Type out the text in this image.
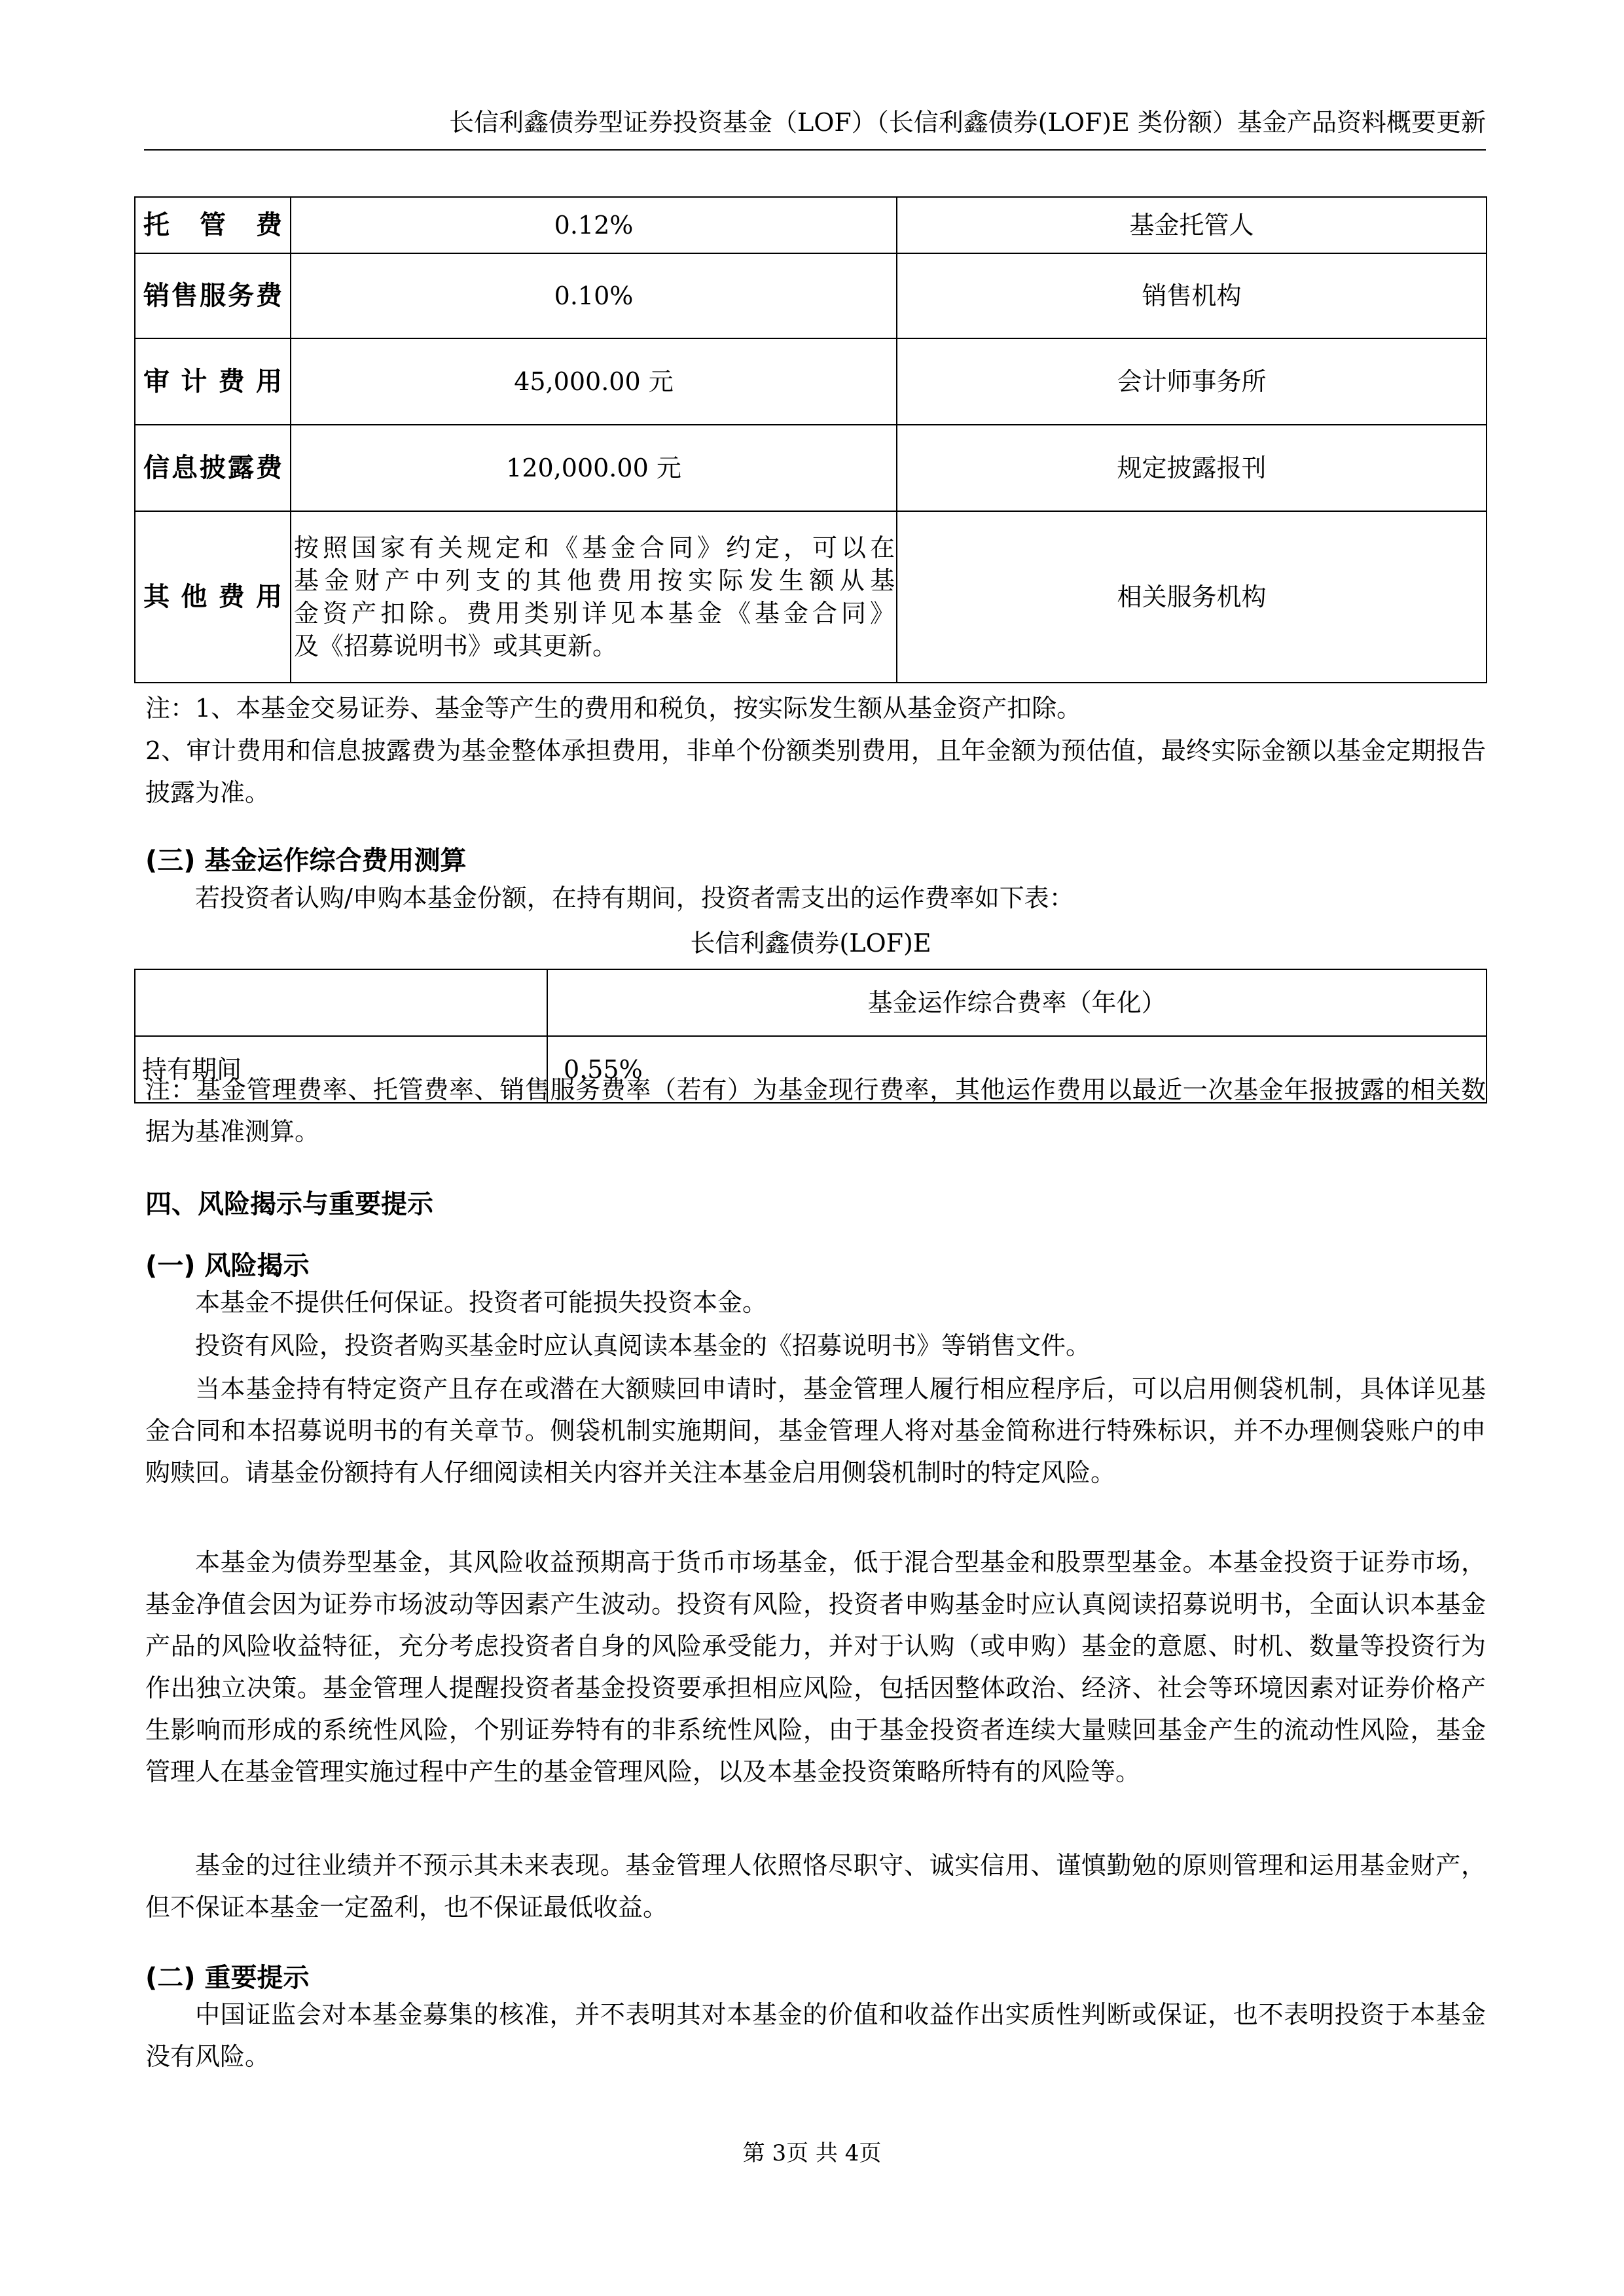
长信利鑫债券型证券投资基金（LOF）（长信利鑫债券(LOF)E 类份额）基金产品资料概要更新
托管费	0.12%	基金托管人
销售服务费	0.10%	销售机构
审计费用	45,000.00 元	会计师事务所
信息披露费	120,000.00 元	规定披露报刊
其他费用	按照国家有关规定和《基金合同》约定，可以在
基金财产中列支的其他费用按实际发生额从基
金资产扣除。费用类别详见本基金《基金合同》
及《招募说明书》或其更新。	相关服务机构
注：1、本基金交易证券、基金等产生的费用和税负，按实际发生额从基金资产扣除。
2、审计费用和信息披露费为基金整体承担费用，非单个份额类别费用，且年金额为预估值，最终实际金额以基金定期报告披露为准。
(三) 基金运作综合费用测算
若投资者认购/申购本基金份额，在持有期间，投资者需支出的运作费率如下表：
长信利鑫债券(LOF)E
	基金运作综合费率（年化）
持有期间	0.55%
注：基金管理费率、托管费率、销售服务费率（若有）为基金现行费率，其他运作费用以最近一次基金年报披露的相关数据为基准测算。
四、风险揭示与重要提示
(一) 风险揭示
本基金不提供任何保证。投资者可能损失投资本金。
投资有风险，投资者购买基金时应认真阅读本基金的《招募说明书》等销售文件。
当本基金持有特定资产且存在或潜在大额赎回申请时，基金管理人履行相应程序后，可以启用侧袋机制，具体详见基金合同和本招募说明书的有关章节。侧袋机制实施期间，基金管理人将对基金简称进行特殊标识，并不办理侧袋账户的申购赎回。请基金份额持有人仔细阅读相关内容并关注本基金启用侧袋机制时的特定风险。
本基金为债券型基金，其风险收益预期高于货币市场基金，低于混合型基金和股票型基金。本基金投资于证券市场，基金净值会因为证券市场波动等因素产生波动。投资有风险，投资者申购基金时应认真阅读招募说明书，全面认识本基金产品的风险收益特征，充分考虑投资者自身的风险承受能力，并对于认购（或申购）基金的意愿、时机、数量等投资行为作出独立决策。基金管理人提醒投资者基金投资要承担相应风险，包括因整体政治、经济、社会等环境因素对证券价格产生影响而形成的系统性风险，个别证券特有的非系统性风险，由于基金投资者连续大量赎回基金产生的流动性风险，基金管理人在基金管理实施过程中产生的基金管理风险，以及本基金投资策略所特有的风险等。
基金的过往业绩并不预示其未来表现。基金管理人依照恪尽职守、诚实信用、谨慎勤勉的原则管理和运用基金财产，但不保证本基金一定盈利，也不保证最低收益。
(二) 重要提示
中国证监会对本基金募集的核准，并不表明其对本基金的价值和收益作出实质性判断或保证，也不表明投资于本基金没有风险。
第 3页 共 4页
